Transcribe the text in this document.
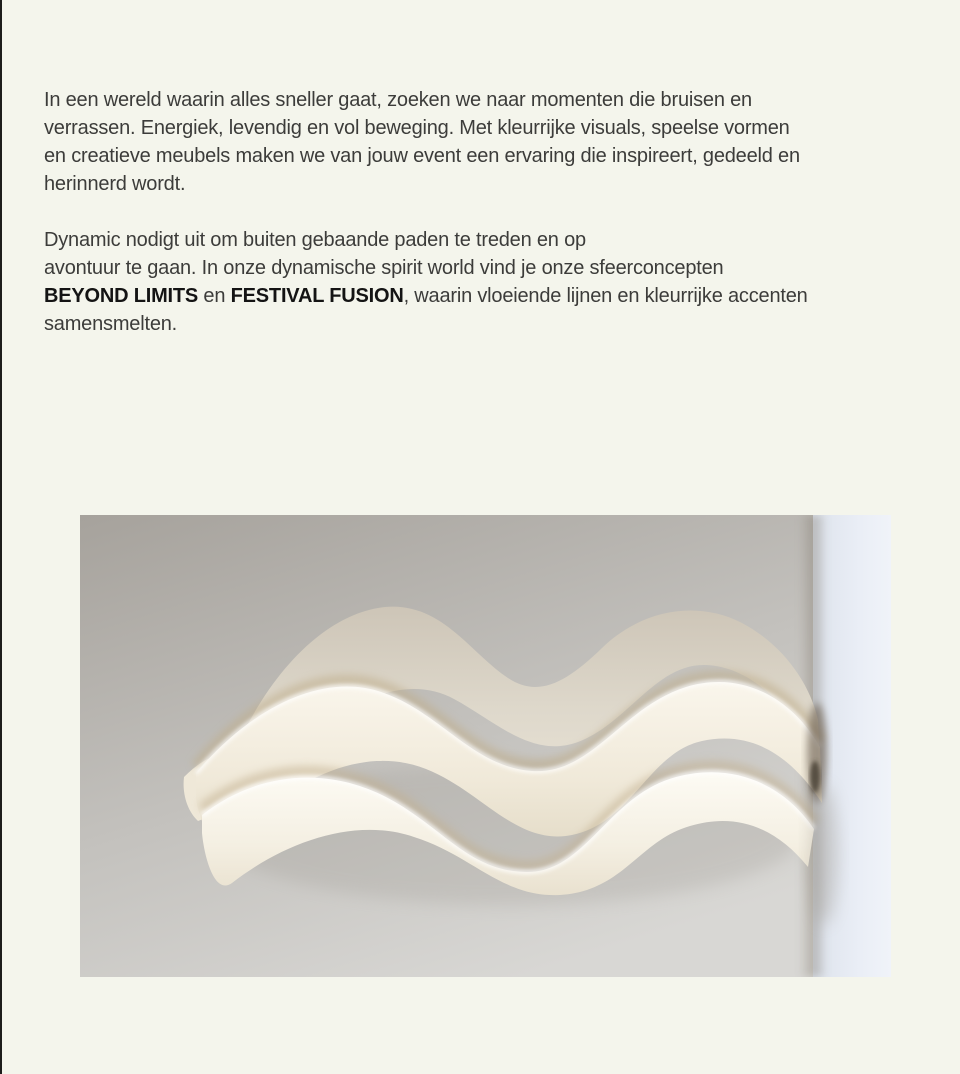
In een wereld waarin alles sneller gaat, zoeken we naar momenten die bruisen en
verrassen. Energiek, levendig en vol beweging. Met kleurrijke visuals, speelse vormen
en creatieve meubels maken we van jouw event een ervaring die inspireert, gedeeld en
herinnerd wordt.

Dynamic nodigt uit om buiten gebaande paden te treden en op
avontuur te gaan. In onze dynamische spirit world vind je onze sfeerconcepten
BEYOND LIMITS en FESTIVAL FUSION, waarin vloeiende lijnen en kleurrijke accenten
samensmelten.
